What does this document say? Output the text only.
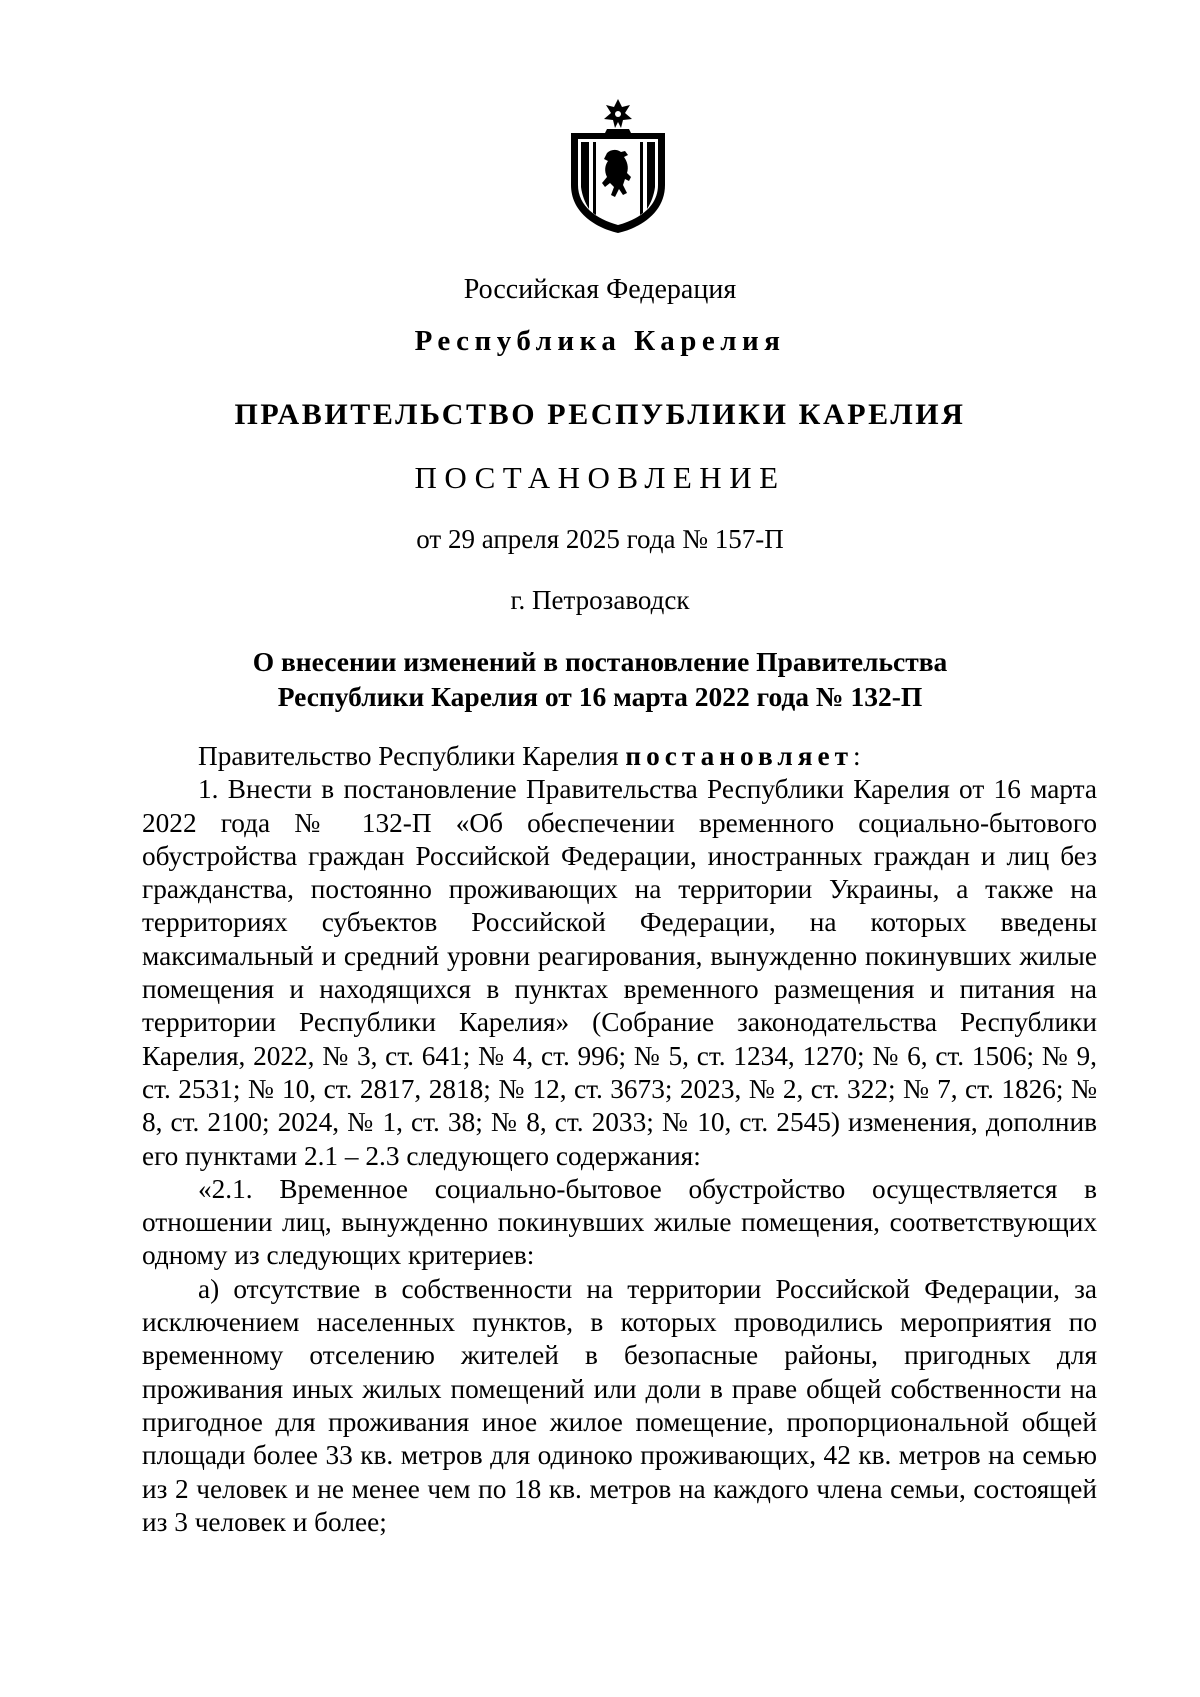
Российская Федерация
Республика Карелия
ПРАВИТЕЛЬСТВО РЕСПУБЛИКИ КАРЕЛИЯ
ПОСТАНОВЛЕНИЕ
от 29 апреля 2025 года № 157-П
г. Петрозаводск
О внесении изменений в постановление Правительства
Республики Карелия от 16 марта 2022 года № 132-П

Правительство Республики Карелия постановляет:

1. Внести в постановление Правительства Республики Карелия от 16 марта 2022 года № 132-П «Об обеспечении временного социально-бытового обустройства граждан Российской Федерации, иностранных граждан и лиц без гражданства, постоянно проживающих на территории Украины, а также на территориях субъектов Российской Федерации, на которых введены максимальный и средний уровни реагирования, вынужденно покинувших жилые помещения и находящихся в пунктах временного размещения и питания на территории Республики Карелия» (Собрание законодательства Республики Карелия, 2022, № 3, ст. 641; № 4, ст. 996; № 5, ст. 1234, 1270; № 6, ст. 1506; № 9, ст. 2531; № 10, ст. 2817, 2818; № 12, ст. 3673; 2023, № 2, ст. 322; № 7, ст. 1826; № 8, ст. 2100; 2024, № 1, ст. 38; № 8, ст. 2033; № 10, ст. 2545) изменения, дополнив его пунктами 2.1 – 2.3 следующего содержания:

«2.1. Временное социально-бытовое обустройство осуществляется в отношении лиц, вынужденно покинувших жилые помещения, соответствующих одному из следующих критериев:

а) отсутствие в собственности на территории Российской Федерации, за исключением населенных пунктов, в которых проводились мероприятия по временному отселению жителей в безопасные районы, пригодных для проживания иных жилых помещений или доли в праве общей собственности на пригодное для проживания иное жилое помещение, пропорциональной общей площади более 33 кв. метров для одиноко проживающих, 42 кв. метров на семью из 2 человек и не менее чем по 18 кв. метров на каждого члена семьи, состоящей из 3 человек и более;
